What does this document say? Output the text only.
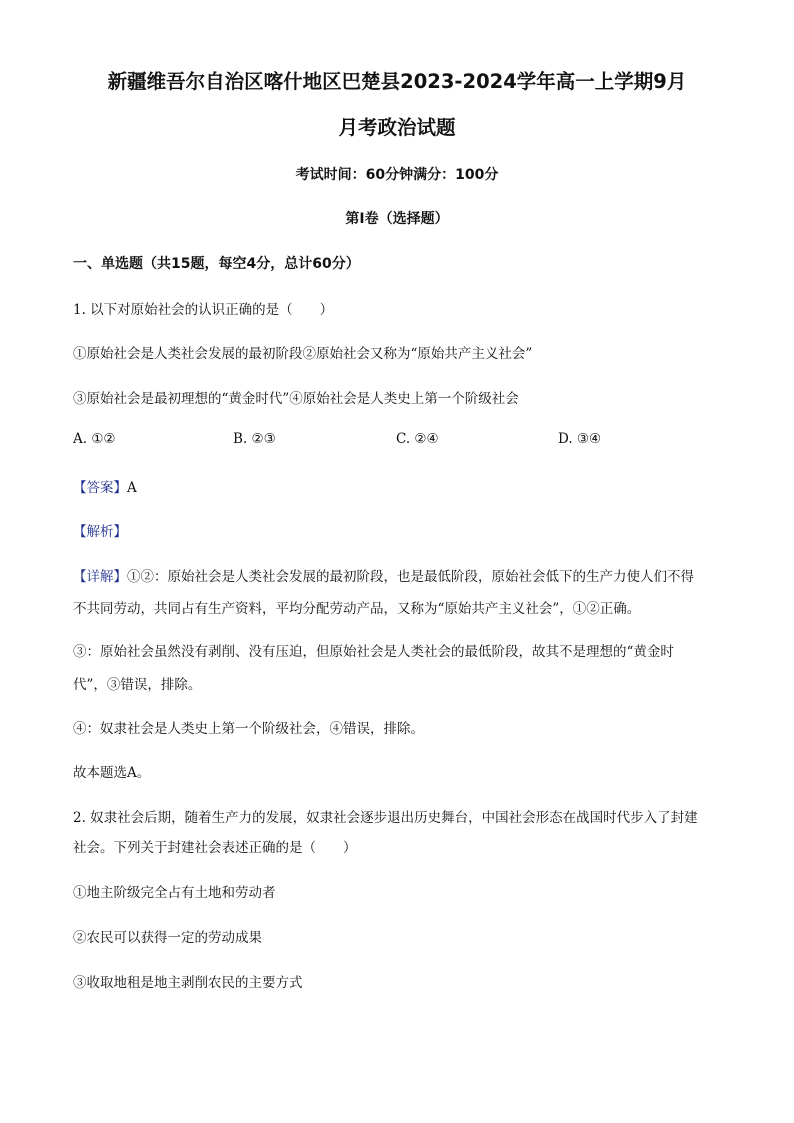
新疆维吾尔自治区喀什地区巴楚县2023-2024学年高一上学期9月
月考政治试题
考试时间：60分钟满分：100分
第I卷（选择题）
一、单选题（共15题，每空4分，总计60分）
1. 以下对原始社会的认识正确的是（　　）
①原始社会是人类社会发展的最初阶段②原始社会又称为“原始共产主义社会”
③原始社会是最初理想的“黄金时代”④原始社会是人类史上第一个阶级社会
A. ①②	B. ②③	C. ②④	D. ③④
【答案】A
【解析】
【详解】①②：原始社会是人类社会发展的最初阶段，也是最低阶段，原始社会低下的生产力使人们不得
不共同劳动，共同占有生产资料，平均分配劳动产品，又称为“原始共产主义社会”，①②正确。
③：原始社会虽然没有剥削、没有压迫，但原始社会是人类社会的最低阶段，故其不是理想的“黄金时
代”，③错误，排除。
④：奴隶社会是人类史上第一个阶级社会，④错误，排除。
故本题选A。
2. 奴隶社会后期，随着生产力的发展，奴隶社会逐步退出历史舞台，中国社会形态在战国时代步入了封建
社会。下列关于封建社会表述正确的是（　　）
①地主阶级完全占有土地和劳动者
②农民可以获得一定的劳动成果
③收取地租是地主剥削农民的主要方式
